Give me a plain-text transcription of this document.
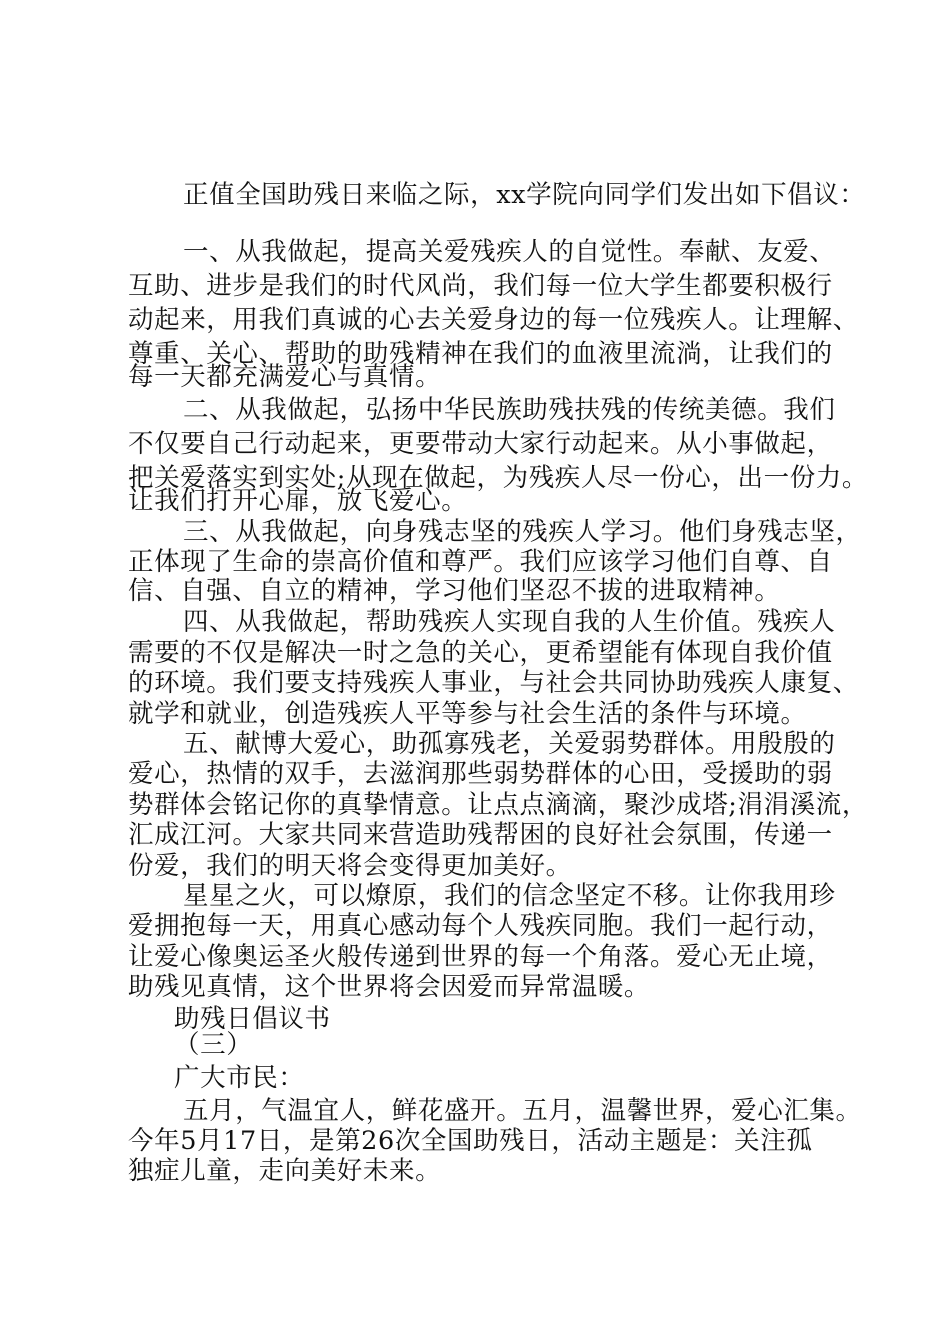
正值全国助残日来临之际，xx学院向同学们发出如下倡议：
一、从我做起，提高关爱残疾人的自觉性。奉献、友爱、
互助、进步是我们的时代风尚，我们每一位大学生都要积极行
动起来，用我们真诚的心去关爱身边的每一位残疾人。让理解、
尊重、关心、帮助的助残精神在我们的血液里流淌，让我们的
每一天都充满爱心与真情。
二、从我做起，弘扬中华民族助残扶残的传统美德。我们
不仅要自己行动起来，更要带动大家行动起来。从小事做起，
把关爱落实到实处;从现在做起，为残疾人尽一份心，出一份力。
让我们打开心扉，放飞爱心。
三、从我做起，向身残志坚的残疾人学习。他们身残志坚，
正体现了生命的崇高价值和尊严。我们应该学习他们自尊、自
信、自强、自立的精神，学习他们坚忍不拔的进取精神。
四、从我做起，帮助残疾人实现自我的人生价值。残疾人
需要的不仅是解决一时之急的关心，更希望能有体现自我价值
的环境。我们要支持残疾人事业，与社会共同协助残疾人康复、
就学和就业，创造残疾人平等参与社会生活的条件与环境。
五、献博大爱心，助孤寡残老，关爱弱势群体。用殷殷的
爱心，热情的双手，去滋润那些弱势群体的心田，受援助的弱
势群体会铭记你的真挚情意。让点点滴滴，聚沙成塔;涓涓溪流，
汇成江河。大家共同来营造助残帮困的良好社会氛围，传递一
份爱，我们的明天将会变得更加美好。
星星之火，可以燎原，我们的信念坚定不移。让你我用珍
爱拥抱每一天，用真心感动每个人残疾同胞。我们一起行动，
让爱心像奥运圣火般传递到世界的每一个角落。爱心无止境，
助残见真情，这个世界将会因爱而异常温暖。
助残日倡议书
（三）
广大市民：
五月，气温宜人，鲜花盛开。五月，温馨世界，爱心汇集。
今年5月17日，是第26次全国助残日，活动主题是：关注孤
独症儿童，走向美好未来。
